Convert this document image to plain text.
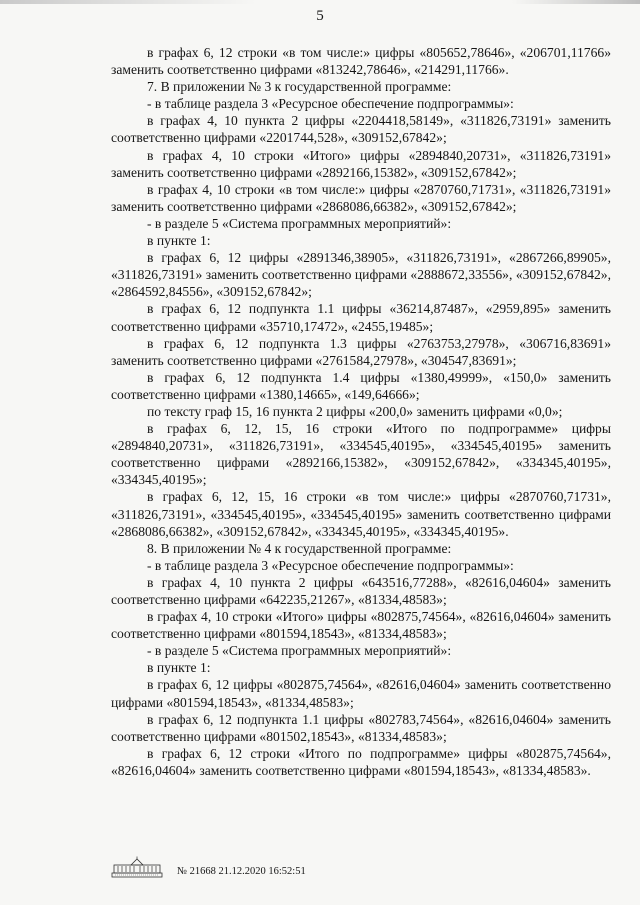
5

в графах 6, 12 строки «в том числе:» цифры «805652,78646», «206701,11766» заменить соответственно цифрами «813242,78646», «214291,11766».

7. В приложении № 3 к государственной программе:

- в таблице раздела 3 «Ресурсное обеспечение подпрограммы»:

в графах 4, 10 пункта 2 цифры «2204418,58149», «311826,73191» заменить соответственно цифрами «2201744,528», «309152,67842»;

в графах 4, 10 строки «Итого» цифры «2894840,20731», «311826,73191» заменить соответственно цифрами «2892166,15382», «309152,67842»;

в графах 4, 10 строки «в том числе:» цифры «2870760,71731», «311826,73191» заменить соответственно цифрами «2868086,66382», «309152,67842»;

- в разделе 5 «Система программных мероприятий»:

в пункте 1:

в графах 6, 12 цифры «2891346,38905», «311826,73191», «2867266,89905», «311826,73191» заменить соответственно цифрами «2888672,33556», «309152,67842», «2864592,84556», «309152,67842»;

в графах 6, 12 подпункта 1.1 цифры «36214,87487», «2959,895» заменить соответственно цифрами «35710,17472», «2455,19485»;

в графах 6, 12 подпункта 1.3 цифры «2763753,27978», «306716,83691» заменить соответственно цифрами «2761584,27978», «304547,83691»;

в графах 6, 12 подпункта 1.4 цифры «1380,49999», «150,0» заменить соответственно цифрами «1380,14665», «149,64666»;

по тексту граф 15, 16 пункта 2 цифры «200,0» заменить цифрами «0,0»;

в графах 6, 12, 15, 16 строки «Итого по подпрограмме» цифры «2894840,20731», «311826,73191», «334545,40195», «334545,40195» заменить соответственно цифрами «2892166,15382», «309152,67842», «334345,40195», «334345,40195»;

в графах 6, 12, 15, 16 строки «в том числе:» цифры «2870760,71731», «311826,73191», «334545,40195», «334545,40195» заменить соответственно цифрами «2868086,66382», «309152,67842», «334345,40195», «334345,40195».

8. В приложении № 4 к государственной программе:

- в таблице раздела 3 «Ресурсное обеспечение подпрограммы»:

в графах 4, 10 пункта 2 цифры «643516,77288», «82616,04604» заменить соответственно цифрами «642235,21267», «81334,48583»;

в графах 4, 10 строки «Итого» цифры «802875,74564», «82616,04604» заменить соответственно цифрами «801594,18543», «81334,48583»;

- в разделе 5 «Система программных мероприятий»:

в пункте 1:

в графах 6, 12 цифры «802875,74564», «82616,04604» заменить соответственно цифрами «801594,18543», «81334,48583»;

в графах 6, 12 подпункта 1.1 цифры «802783,74564», «82616,04604» заменить соответственно цифрами «801502,18543», «81334,48583»;

в графах 6, 12 строки «Итого по подпрограмме» цифры «802875,74564», «82616,04604» заменить соответственно цифрами «801594,18543», «81334,48583».

№ 21668 21.12.2020 16:52:51
